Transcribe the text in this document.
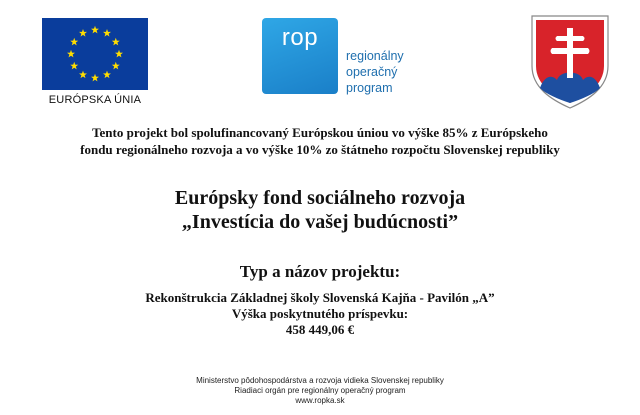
EURÓPSKA ÚNIA
rop
regionálny
operačný
program
Tento projekt bol spolufinancovaný Európskou úniou vo výške 85% z Európskeho
fondu regionálneho rozvoja a vo výške 10% zo štátneho rozpočtu Slovenskej republiky
Európsky fond sociálneho rozvoja
„Investícia do vašej budúcnosti”
Typ a názov projektu:
Rekonštrukcia Základnej školy Slovenská Kajňa - Pavilón „A”
Výška poskytnutého príspevku:
458 449,06 €
Ministerstvo pôdohospodárstva a rozvoja vidieka Slovenskej republiky
Riadiaci orgán pre regionálny operačný program
www.ropka.sk
